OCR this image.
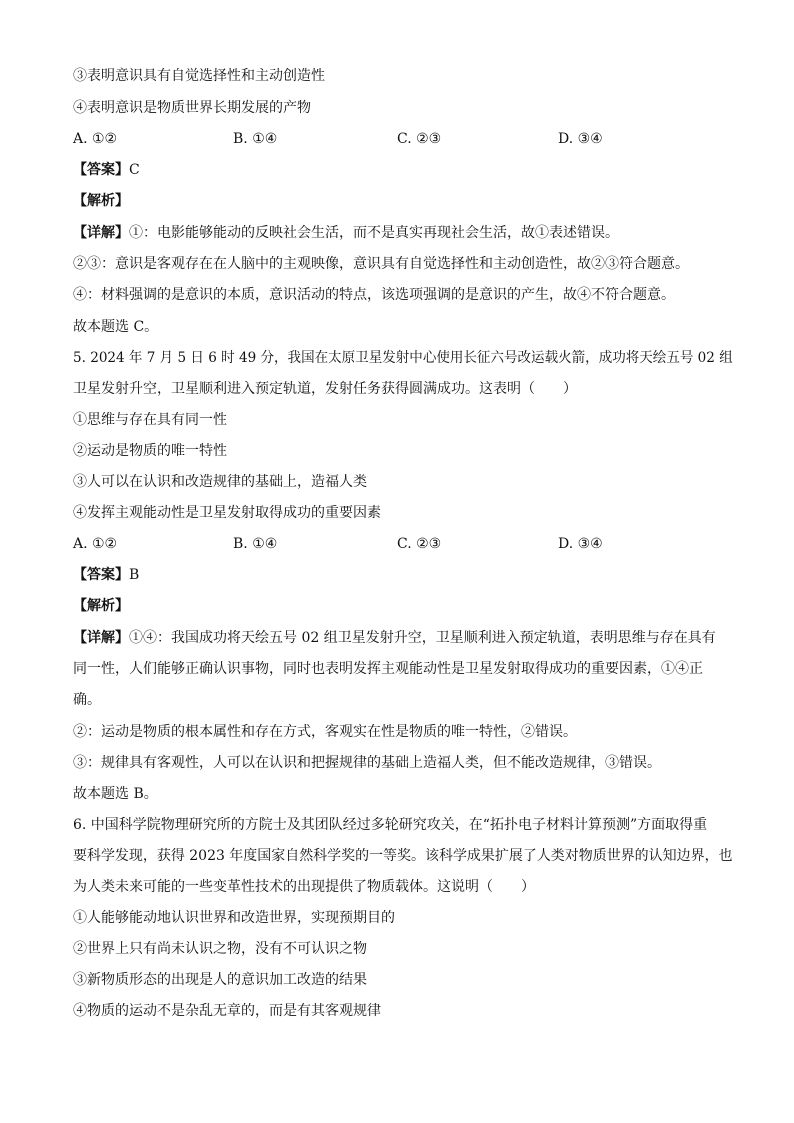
③表明意识具有自觉选择性和主动创造性
④表明意识是物质世界长期发展的产物
A. ①②	B. ①④	C. ②③	D. ③④
【答案】C
【解析】
【详解】①：电影能够能动的反映社会生活，而不是真实再现社会生活，故①表述错误。
②③：意识是客观存在在人脑中的主观映像，意识具有自觉选择性和主动创造性，故②③符合题意。
④：材料强调的是意识的本质，意识活动的特点，该选项强调的是意识的产生，故④不符合题意。
故本题选 C。
5. 2024 年 7 月 5 日 6 时 49 分，我国在太原卫星发射中心使用长征六号改运载火箭，成功将天绘五号 02 组
卫星发射升空，卫星顺利进入预定轨道，发射任务获得圆满成功。这表明（　　）
①思维与存在具有同一性
②运动是物质的唯一特性
③人可以在认识和改造规律的基础上，造福人类
④发挥主观能动性是卫星发射取得成功的重要因素
A. ①②	B. ①④	C. ②③	D. ③④
【答案】B
【解析】
【详解】①④：我国成功将天绘五号 02 组卫星发射升空，卫星顺利进入预定轨道，表明思维与存在具有
同一性，人们能够正确认识事物，同时也表明发挥主观能动性是卫星发射取得成功的重要因素，①④正
确。
②：运动是物质的根本属性和存在方式，客观实在性是物质的唯一特性，②错误。
③：规律具有客观性，人可以在认识和把握规律的基础上造福人类，但不能改造规律，③错误。
故本题选 B。
6. 中国科学院物理研究所的方院士及其团队经过多轮研究攻关，在“拓扑电子材料计算预测”方面取得重
要科学发现，获得 2023 年度国家自然科学奖的一等奖。该科学成果扩展了人类对物质世界的认知边界，也
为人类未来可能的一些变革性技术的出现提供了物质载体。这说明（　　）
①人能够能动地认识世界和改造世界，实现预期目的
②世界上只有尚未认识之物，没有不可认识之物
③新物质形态的出现是人的意识加工改造的结果
④物质的运动不是杂乱无章的，而是有其客观规律
